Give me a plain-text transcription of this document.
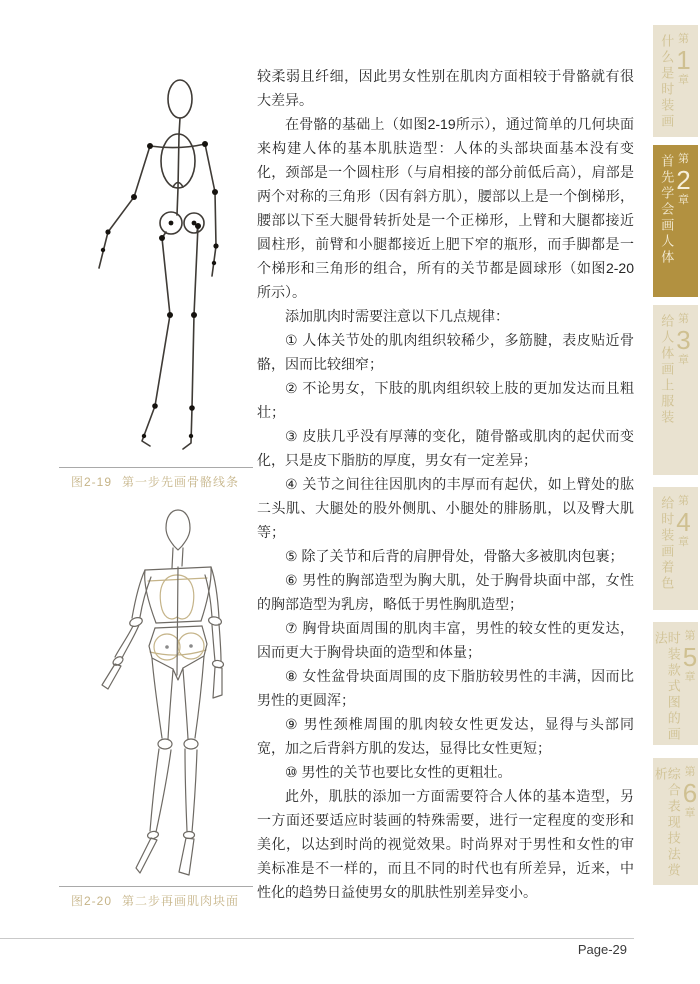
图2-19 第一步先画骨骼线条
图2-20 第二步再画肌肉块面

较柔弱且纤细，因此男女性别在肌肉方面相较于骨骼就有很大差异。

在骨骼的基础上（如图2-19所示），通过简单的几何块面来构建人体的基本肌肤造型：人体的头部块面基本没有变化，颈部是一个圆柱形（与肩相接的部分前低后高），肩部是两个对称的三角形（因有斜方肌），腰部以上是一个倒梯形，腰部以下至大腿骨转折处是一个正梯形，上臂和大腿都接近圆柱形，前臂和小腿都接近上肥下窄的瓶形，而手脚都是一个梯形和三角形的组合，所有的关节都是圆球形（如图2-20所示）。

添加肌肉时需要注意以下几点规律：

① 人体关节处的肌肉组织较稀少，多筋腱，表皮贴近骨骼，因而比较细窄；

② 不论男女，下肢的肌肉组织较上肢的更加发达而且粗壮；

③ 皮肤几乎没有厚薄的变化，随骨骼或肌肉的起伏而变化，只是皮下脂肪的厚度，男女有一定差异；

④ 关节之间往往因肌肉的丰厚而有起伏，如上臂处的肱二头肌、大腿处的股外侧肌、小腿处的腓肠肌，以及臀大肌等；

⑤ 除了关节和后背的肩胛骨处，骨骼大多被肌肉包裹；

⑥ 男性的胸部造型为胸大肌，处于胸骨块面中部，女性的胸部造型为乳房，略低于男性胸肌造型；

⑦ 胸骨块面周围的肌肉丰富，男性的较女性的更发达，因而更大于胸骨块面的造型和体量；

⑧ 女性盆骨块面周围的皮下脂肪较男性的丰满，因而比男性的更圆浑；

⑨ 男性颈椎周围的肌肉较女性更发达，显得与头部同宽，加之后背斜方肌的发达，显得比女性更短；

⑩ 男性的关节也要比女性的更粗壮。

此外，肌肤的添加一方面需要符合人体的基本造型，另一方面还要适应时装画的特殊需要，进行一定程度的变形和美化，以达到时尚的视觉效果。时尚界对于男性和女性的审美标准是不一样的，而且不同的时代也有所差异，近来，中性化的趋势日益使男女的肌肤性别差异变小。

什么是时装画 第
1
章
首先学会画人体 第
2
章
给人体画上服装 第
3
章
给时装画着色 第
4
章
时装款式图的画法	第
5
章
综合表现技法赏析	第
6
章
Page-29
